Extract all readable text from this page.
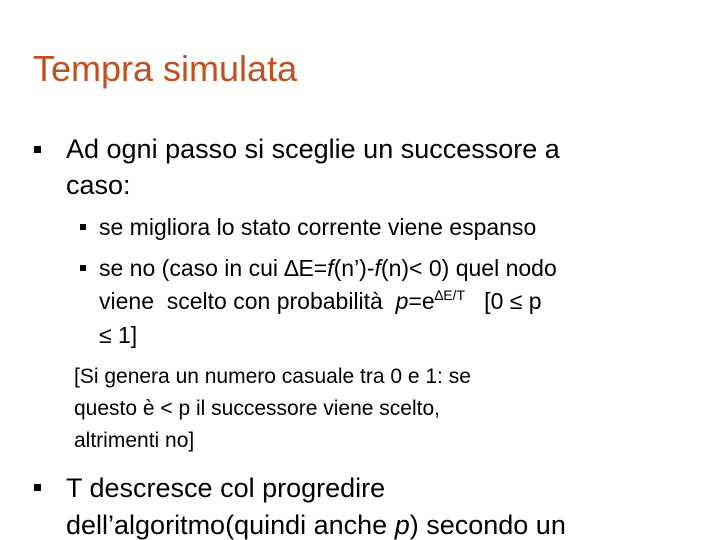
Tempra simulata
Ad ogni passo si sceglie un successore a
caso:
se migliora lo stato corrente viene espanso
se no (caso in cui ∆E=f(n’)-f(n)< 0) quel nodo
viene  scelto con probabilità  $p=e^{\Delta E/T}$   [0 ≤ p
≤ 1]
[Si genera un numero casuale tra 0 e 1: se
questo è < p il successore viene scelto,
altrimenti no]
T descresce col progredire
dell’algoritmo(quindi anche p) secondo un
